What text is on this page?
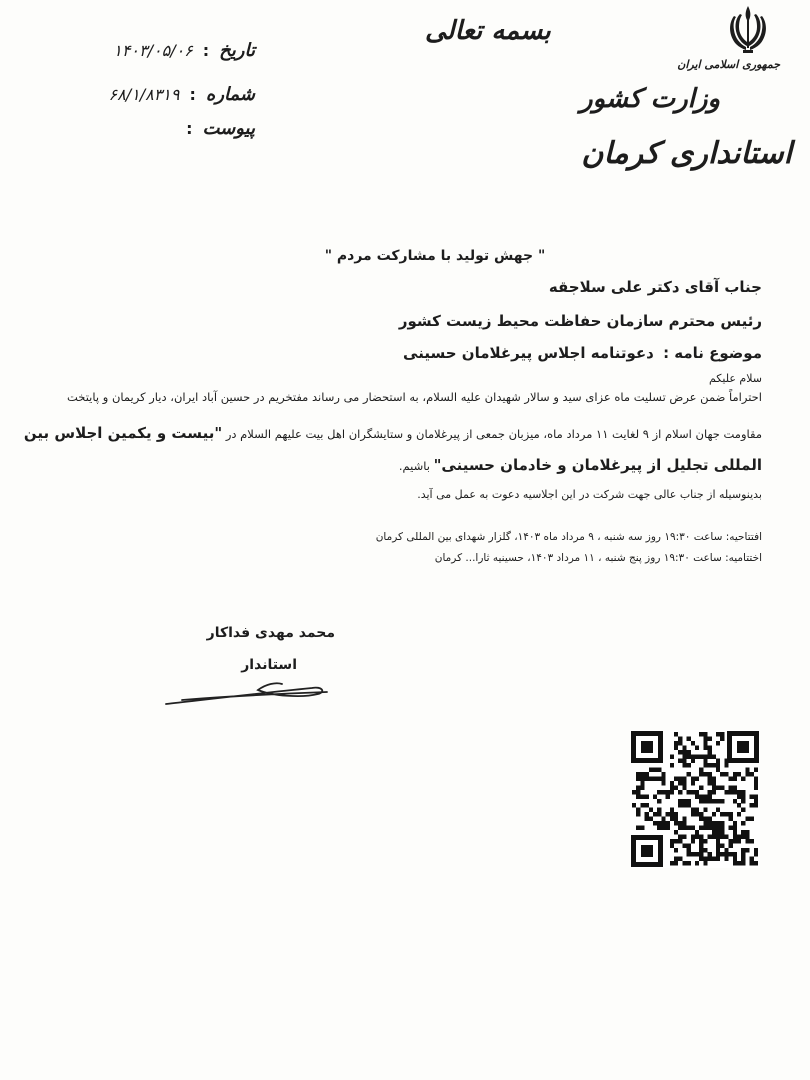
جمهوری اسلامی ایران
وزارت کشور
استانداری کرمان
بسمه تعالی
تاریخ
:
۱۴۰۳/۰۵/۰۶
شماره
:
۶۸/۱/۸۳۱۹
پیوست
:
" جهش تولید با مشارکت مردم "
جناب آقای دکتر علی سلاجقه
رئیس محترم سازمان حفاظت محیط زیست کشور
موضوع نامه : دعوتنامه اجلاس پیرغلامان حسینی
سلام علیکم
احتراماً ضمن عرض تسلیت ماه عزای سید و سالار شهیدان علیه السلام، به استحضار می رساند مفتخریم در حسین آباد ایران، دیار کریمان و پایتخت
مقاومت جهان اسلام از ۹ لغایت ۱۱ مرداد ماه، میزبان جمعی از پیرغلامان و ستایشگران اهل بیت علیهم السلام در "بیست و یکمین اجلاس بین
المللی تجلیل از پیرغلامان و خادمان حسینی" باشیم.
بدینوسیله از جناب عالی جهت شرکت در این اجلاسیه دعوت به عمل می آید.
افتتاحیه: ساعت ۱۹:۳۰ روز سه شنبه ، ۹ مرداد ماه ۱۴۰۳، گلزار شهدای بین المللی کرمان
اختتامیه: ساعت ۱۹:۳۰ روز پنج شنبه ، ۱۱ مرداد ۱۴۰۳، حسینیه ثارا... کرمان
محمد مهدی فداکار
استاندار
